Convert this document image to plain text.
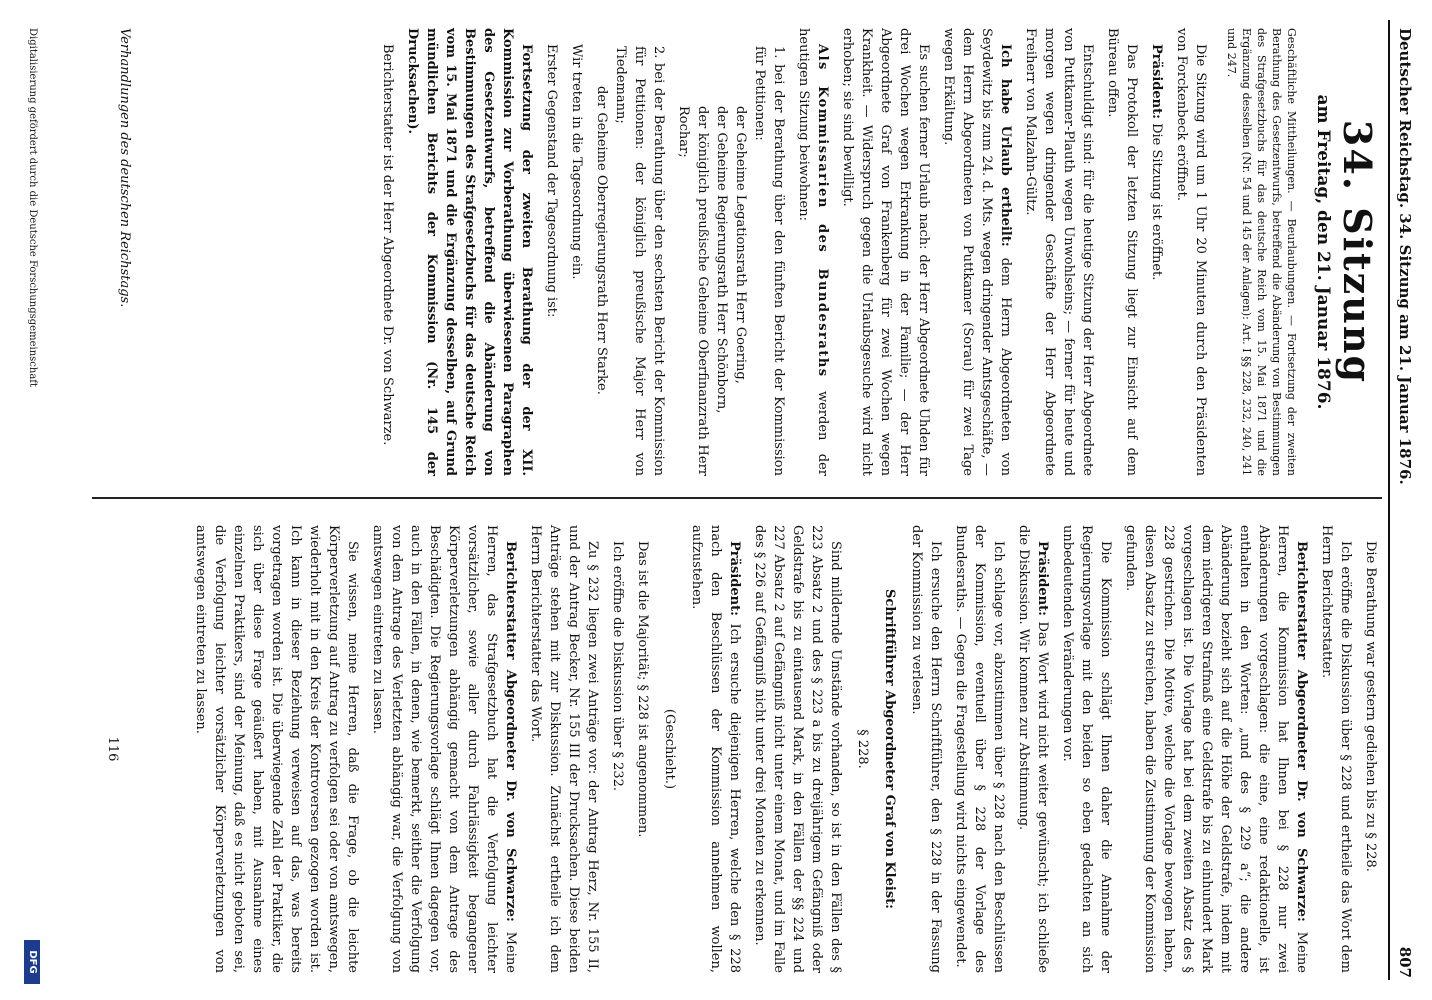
Deutscher Reichstag. 34. Sitzung am 21. Januar 1876.
807
34. Sitzung
am Freitag, den 21. Januar 1876.
Geschäftliche Mittheilungen. — Beurlaubungen. — Fortsetzung der zweiten Berathung des Gesetzentwurfs, betreffend die Abänderung von Bestimmungen des Strafgesetzbuchs für das deutsche Reich vom 15. Mai 1871 und die Ergänzung desselben (Nr. 54 und 145 der Anlagen): Art. I §§ 228, 232, 240, 241 und 247.

Die Sitzung wird um 1 Uhr 20 Minuten durch den Präsidenten von Forckenbeck eröffnet.

Präsident: Die Sitzung ist eröffnet.

Das Protokoll der letzten Sitzung liegt zur Einsicht auf dem Büreau offen.

Entschuldigt sind: für die heutige Sitzung der Herr Abgeordnete von Puttkamer-Plauth wegen Unwohlseins; — ferner für heute und morgen wegen dringender Geschäfte der Herr Abgeordnete Freiherr von Malzahn-Gültz.

Ich habe Urlaub ertheilt: dem Herrn Abgeordneten von Seydewitz bis zum 24. d. Mts. wegen dringender Amtsgeschäfte, — dem Herrn Abgeordneten von Puttkamer (Sorau) für zwei Tage wegen Erkältung.

Es suchen ferner Urlaub nach: der Herr Abgeordnete Uhden für drei Wochen wegen Erkrankung in der Familie; — der Herr Abgeordnete Graf von Frankenberg für zwei Wochen wegen Krankheit. — Widerspruch gegen die Urlaubsgesuche wird nicht erhoben; sie sind bewilligt.

Als Kommissarien des Bundesraths werden der heutigen Sitzung beiwohnen:

1. bei der Berathung über den fünften Bericht der Kommission für Petitionen:
der Geheime Legationsrath Herr Goering,
der Geheime Regierungsrath Herr Schönborn,
der königlich preußische Geheime Oberfinanzrath Herr Rochar;
2. bei der Berathung über den sechsten Bericht der Kommission für Petitionen: der königlich preußische Major Herr von Tiedemann;
der Geheime Oberregierungsrath Herr Starke.

Wir treten in die Tagesordnung ein.

Erster Gegenstand der Tagesordnung ist:

Fortsetzung der zweiten Berathung der der XII. Kommission zur Vorberathung überwiesenen Paragraphen des Gesetzentwurfs, betreffend die Abänderung von Bestimmungen des Strafgesetzbuchs für das deutsche Reich vom 15. Mai 1871 und die Ergänzung desselben, auf Grund mündlichen Berichts der Kommission (Nr. 145 der Drucksachen).

Berichterstatter ist der Herr Abgeordnete Dr. von Schwarze.

Die Berathung war gestern gediehen bis zu § 228.

Ich eröffne die Diskussion über § 228 und ertheile das Wort dem Herrn Berichterstatter.

Berichterstatter Abgeordneter Dr. von Schwarze: Meine Herren, die Kommission hat Ihnen bei § 228 nur zwei Abänderungen vorgeschlagen: die eine, eine redaktionelle, ist enthalten in den Worten: „und des § 229 a“; die andere Abänderung bezieht sich auf die Höhe der Geldstrafe, indem mit dem niedrigeren Strafmaß eine Geldstrafe bis zu einhundert Mark vorgeschlagen ist. Die Vorlage hat bei dem zweiten Absatz des § 228 gestrichen. Die Motive, welche die Vorlage bewogen haben, diesen Absatz zu streichen, haben die Zustimmung der Kommission gefunden.

Die Kommission schlägt Ihnen daher die Annahme der Regierungsvorlage mit den beiden so eben gedachten an sich unbedeutenden Veränderungen vor.

Präsident: Das Wort wird nicht weiter gewünscht; ich schließe die Diskussion. Wir kommen zur Abstimmung.

Ich schlage vor, abzustimmen über § 228 nach den Beschlüssen der Kommission, eventuell über § 228 der Vorlage des Bundesraths. — Gegen die Fragestellung wird nichts eingewendet.

Ich ersuche den Herrn Schriftführer, den § 228 in der Fassung der Kommission zu verlesen.

Schriftführer Abgeordneter Graf von Kleist:

§ 228.

Sind mildernde Umstände vorhanden, so ist in den Fällen des § 223 Absatz 2 und des § 223 a bis zu dreijährigem Gefängniß oder Geldstrafe bis zu eintausend Mark, in den Fällen der §§ 224 und 227 Absatz 2 auf Gefängniß nicht unter einem Monat, und im Falle des § 226 auf Gefängniß nicht unter drei Monaten zu erkennen.

Präsident: Ich ersuche diejenigen Herren, welche den § 228 nach den Beschlüssen der Kommission annehmen wollen, aufzustehen.

(Geschieht.)

Das ist die Majorität; § 228 ist angenommen.

Ich eröffne die Diskussion über § 232.

Zu § 232 liegen zwei Anträge vor: der Antrag Herz, Nr. 155 II, und der Antrag Becker, Nr. 155 III der Drucksachen. Diese beiden Anträge stehen mit zur Diskussion. Zunächst ertheile ich dem Herrn Berichterstatter das Wort.

Berichterstatter Abgeordneter Dr. von Schwarze: Meine Herren, das Strafgesetzbuch hat die Verfolgung leichter vorsätzlicher, sowie aller durch Fahrlässigkeit begangener Körperverletzungen abhängig gemacht von dem Antrage des Beschädigten. Die Regierungsvorlage schlägt Ihnen dagegen vor, auch in den Fällen, in denen, wie bemerkt, seither die Verfolgung von dem Antrage des Verletzten abhängig war, die Verfolgung von amtswegen eintreten zu lassen.

Sie wissen, meine Herren, daß die Frage, ob die leichte Körperverletzung auf Antrag zu verfolgen sei oder von amtswegen, wiederholt mit in den Kreis der Kontroversen gezogen worden ist. Ich kann in dieser Beziehung verweisen auf das, was bereits vorgetragen worden ist. Die überwiegende Zahl der Praktiker, die sich über diese Frage geäußert haben, mit Ausnahme eines einzelnen Praktikers, sind der Meinung, daß es nicht geboten sei, die Verfolgung leichter vorsätzlicher Körperverletzungen von amtswegen eintreten zu lassen.

Verhandlungen des deutschen Reichstags.
116
Digitalisierung gefördert durch die Deutsche Forschungsgemeinschaft
DFG
